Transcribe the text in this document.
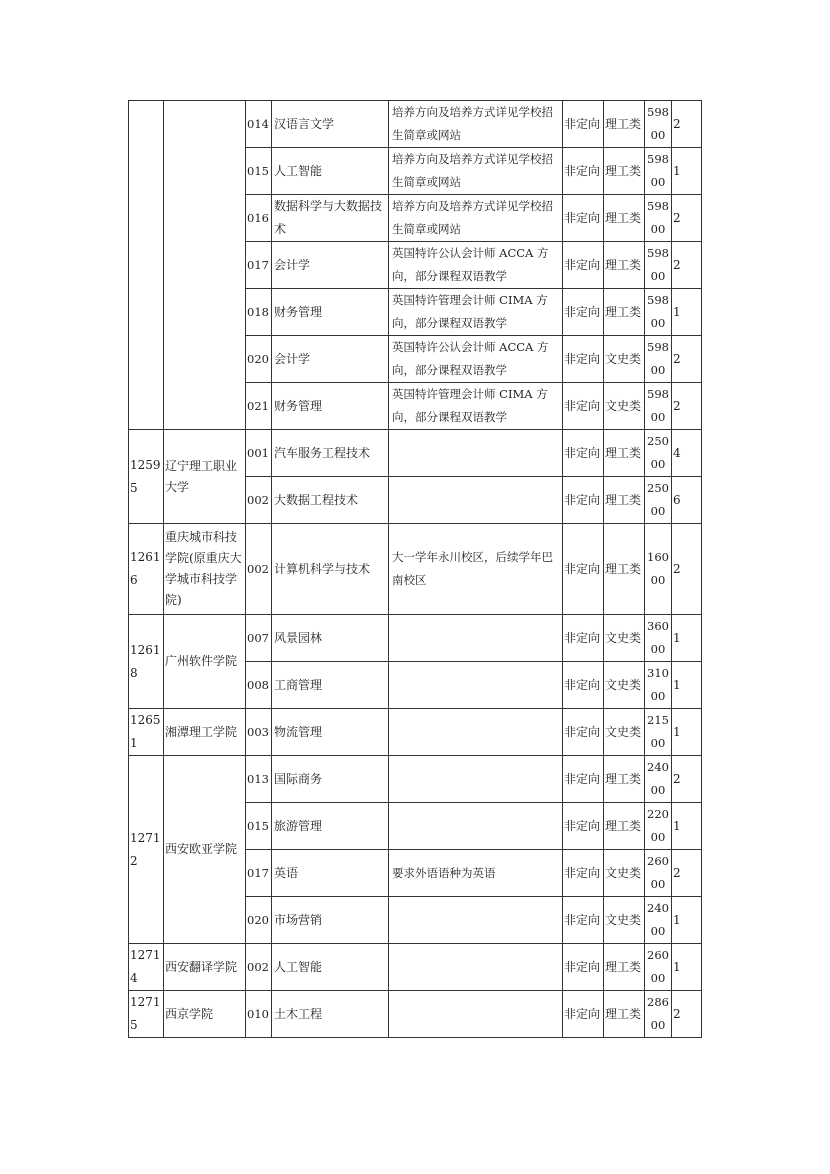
		014	汉语言文学	培养方向及培养方式详见学校招生简章或网站	非定向	理工类	59800	2
		015	人工智能	培养方向及培养方式详见学校招生简章或网站	非定向	理工类	59800	1
		016	数据科学与大数据技术	培养方向及培养方式详见学校招生简章或网站	非定向	理工类	59800	2
		017	会计学	英国特许公认会计师 ACCA 方向，部分课程双语教学	非定向	理工类	59800	2
		018	财务管理	英国特许管理会计师 CIMA 方向，部分课程双语教学	非定向	理工类	59800	1
		020	会计学	英国特许公认会计师 ACCA 方向，部分课程双语教学	非定向	文史类	59800	2
		021	财务管理	英国特许管理会计师 CIMA 方向，部分课程双语教学	非定向	文史类	59800	2
12595	辽宁理工职业大学	001	汽车服务工程技术		非定向	理工类	25000	4
		002	大数据工程技术		非定向	理工类	25000	6
12616	重庆城市科技学院(原重庆大学城市科技学院)	002	计算机科学与技术	大一学年永川校区，后续学年巴南校区	非定向	理工类	16000	2
12618	广州软件学院	007	风景园林		非定向	文史类	36000	1
		008	工商管理		非定向	文史类	31000	1
12651	湘潭理工学院	003	物流管理		非定向	文史类	21500	1
12712	西安欧亚学院	013	国际商务		非定向	理工类	24000	2
		015	旅游管理		非定向	理工类	22000	1
		017	英语	要求外语语种为英语	非定向	文史类	26000	2
		020	市场营销		非定向	文史类	24000	1
12714	西安翻译学院	002	人工智能		非定向	理工类	26000	1
12715	西京学院	010	土木工程		非定向	理工类	28600	2
